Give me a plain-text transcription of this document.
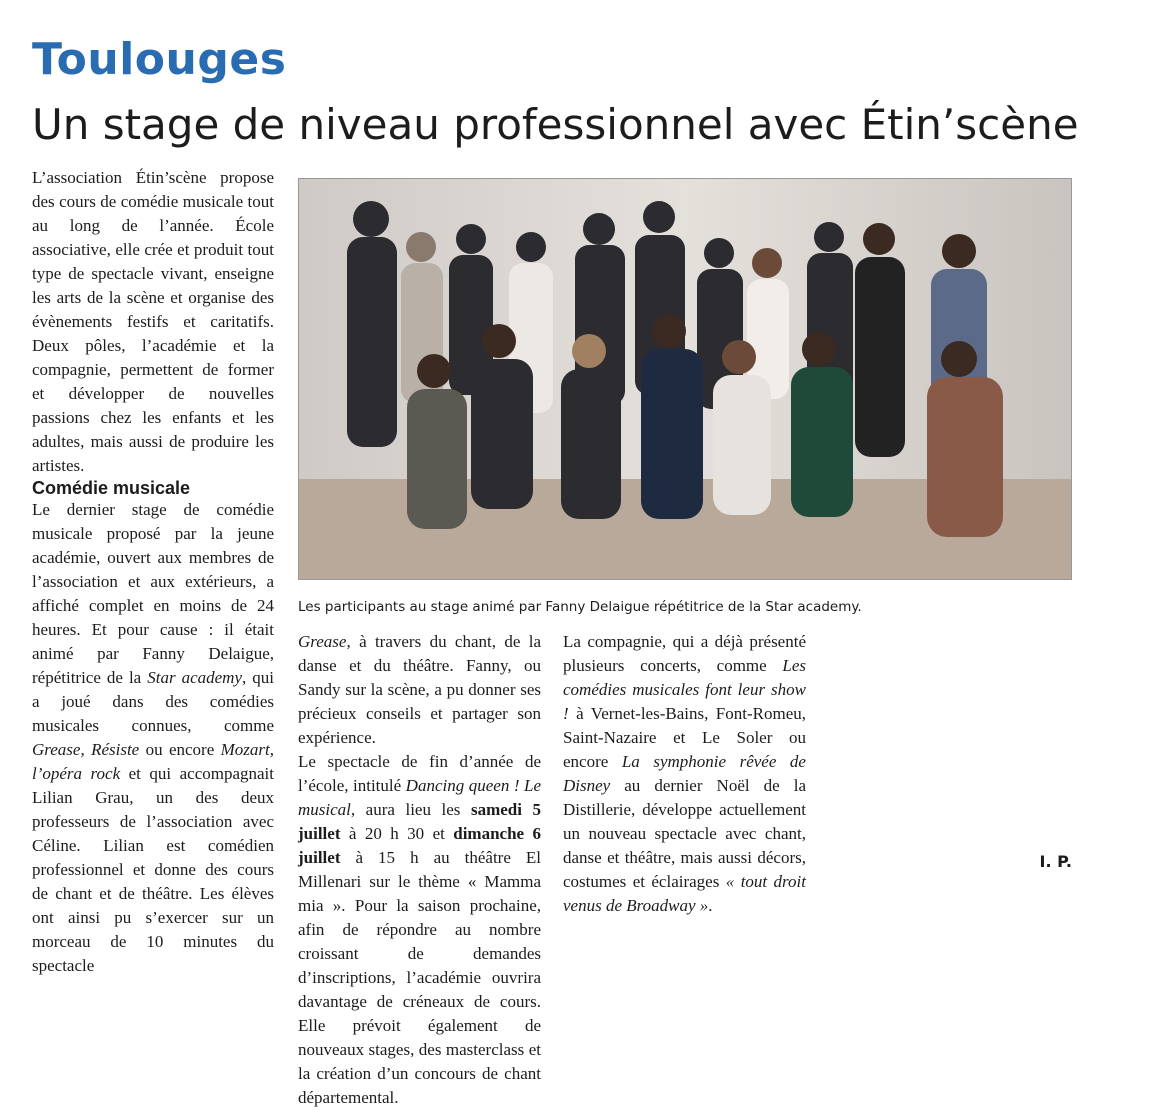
Toulouges
Un stage de niveau professionnel avec Étin’scène

L’association Étin’scène propose des cours de comédie musicale tout au long de l’année. École associative, elle crée et produit tout type de spectacle vivant, enseigne les arts de la scène et organise des évènements festifs et caritatifs. Deux pôles, l’académie et la compagnie, permettent de former et développer de nouvelles passions chez les enfants et les adultes, mais aussi de produire les artistes.

Comédie musicale

Le dernier stage de comédie musicale proposé par la jeune académie, ouvert aux membres de l’association et aux extérieurs, a affiché complet en moins de 24 heures. Et pour cause : il était animé par Fanny Delaigue, répétitrice de la Star academy, qui a joué dans des comédies musicales connues, comme Grease, Résiste ou encore Mozart, l’opéra rock et qui accompagnait Lilian Grau, un des deux professeurs de l’association avec Céline. Lilian est comédien professionnel et donne des cours de chant et de théâtre. Les élèves ont ainsi pu s’exercer sur un morceau de 10 minutes du spectacle

Grease, à travers du chant, de la danse et du théâtre. Fanny, ou Sandy sur la scène, a pu donner ses précieux conseils et partager son expérience.

Le spectacle de fin d’année de l’école, intitulé Dancing queen ! Le musical, aura lieu les samedi 5 juillet à 20 h 30 et dimanche 6 juillet à 15 h au théâtre El Millenari sur le thème « Mamma mia ». Pour la saison prochaine, afin de répondre au nombre croissant de demandes d’inscriptions, l’académie ouvrira davantage de créneaux de cours. Elle prévoit également de nouveaux stages, des masterclass et la création d’un concours de chant départemental.

La compagnie, qui a déjà présenté plusieurs concerts, comme Les comédies musicales font leur show ! à Vernet-les-Bains, Font-Romeu, Saint-Nazaire et Le Soler ou encore La symphonie rêvée de Disney au dernier Noël de la Distillerie, développe actuellement un nouveau spectacle avec chant, danse et théâtre, mais aussi décors, costumes et éclairages « tout droit venus de Broadway ».

Les participants au stage animé par Fanny Delaigue répétitrice de la Star academy.

I. P.
